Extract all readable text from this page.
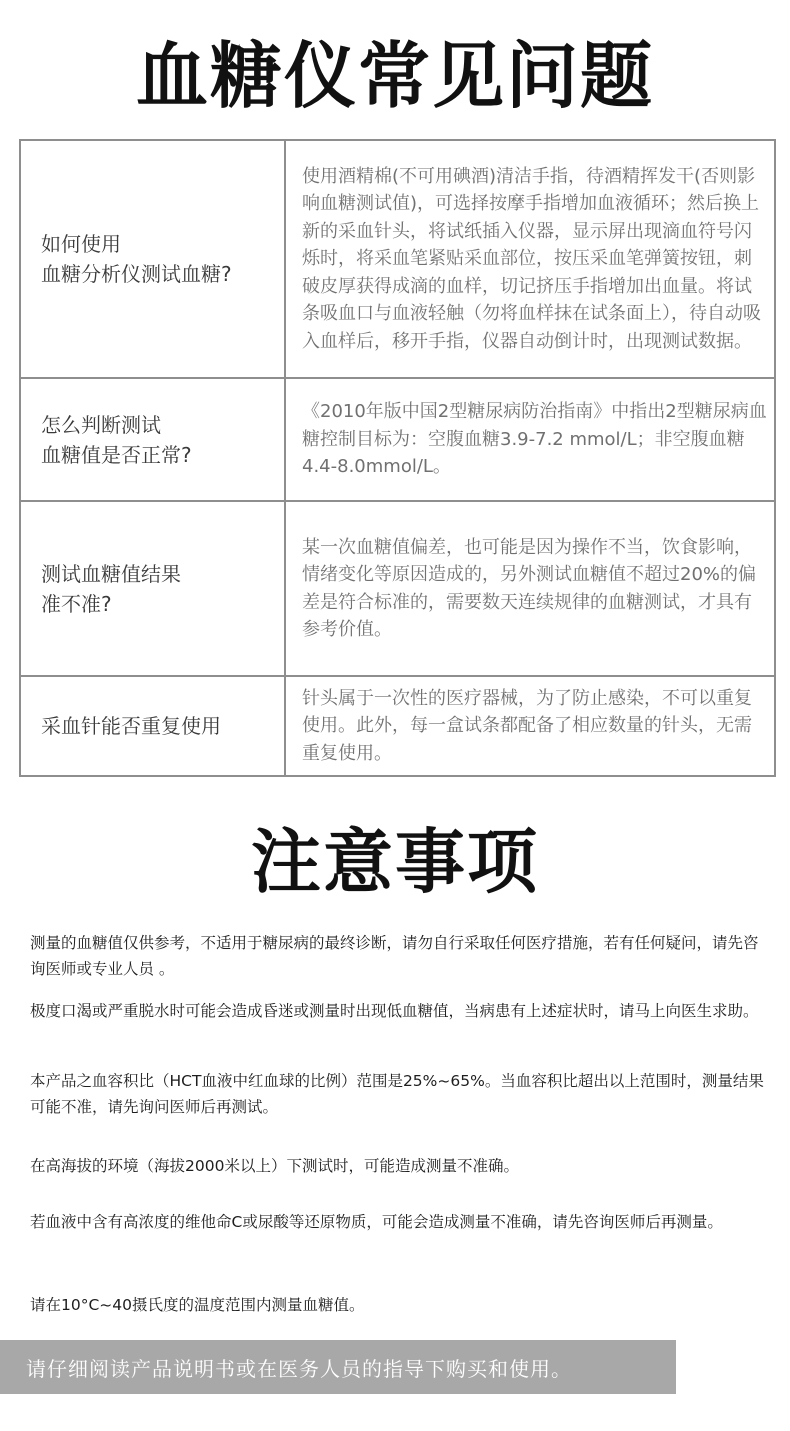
血糖仪常见问题
如何使用
血糖分析仪测试血糖?
使用酒精棉(不可用碘酒)清洁手指，待酒精挥发干(否则影响血糖测试值)，可选择按摩手指增加血液循环；然后换上新的采血针头，将试纸插入仪器，显示屏出现滴血符号闪烁时，将采血笔紧贴采血部位，按压采血笔弹簧按钮，刺破皮厚获得成滴的血样，切记挤压手指增加出血量。将试条吸血口与血液轻触（勿将血样抹在试条面上），待自动吸入血样后，移开手指，仪器自动倒计时，出现测试数据。
怎么判断测试
血糖值是否正常?
《2010年版中国2型糖尿病防治指南》中指出2型糖尿病血糖控制目标为：空腹血糖3.9-7.2 mmol/L；非空腹血糖4.4-8.0mmol/L。
测试血糖值结果
准不准?
某一次血糖值偏差，也可能是因为操作不当，饮食影响，情绪变化等原因造成的，另外测试血糖值不超过20%的偏差是符合标准的，需要数天连续规律的血糖测试，才具有参考价值。
采血针能否重复使用
针头属于一次性的医疗器械，为了防止感染，不可以重复使用。此外，每一盒试条都配备了相应数量的针头，无需重复使用。
注意事项
测量的血糖值仅供参考，不适用于糖尿病的最终诊断，请勿自行采取任何医疗措施，若有任何疑问，请先咨询医师或专业人员 。
极度口渴或严重脱水时可能会造成昏迷或测量时出现低血糖值，当病患有上述症状时，请马上向医生求助。
本产品之血容积比（HCT血液中红血球的比例）范围是25%~65%。当血容积比超出以上范围时，测量结果可能不准，请先询问医师后再测试。
在高海拔的环境（海拔2000米以上）下测试时，可能造成测量不准确。
若血液中含有高浓度的维他命C或尿酸等还原物质，可能会造成测量不准确，请先咨询医师后再测量。
请在10°C~40摄氏度的温度范围内测量血糖值。
请仔细阅读产品说明书或在医务人员的指导下购买和使用。
